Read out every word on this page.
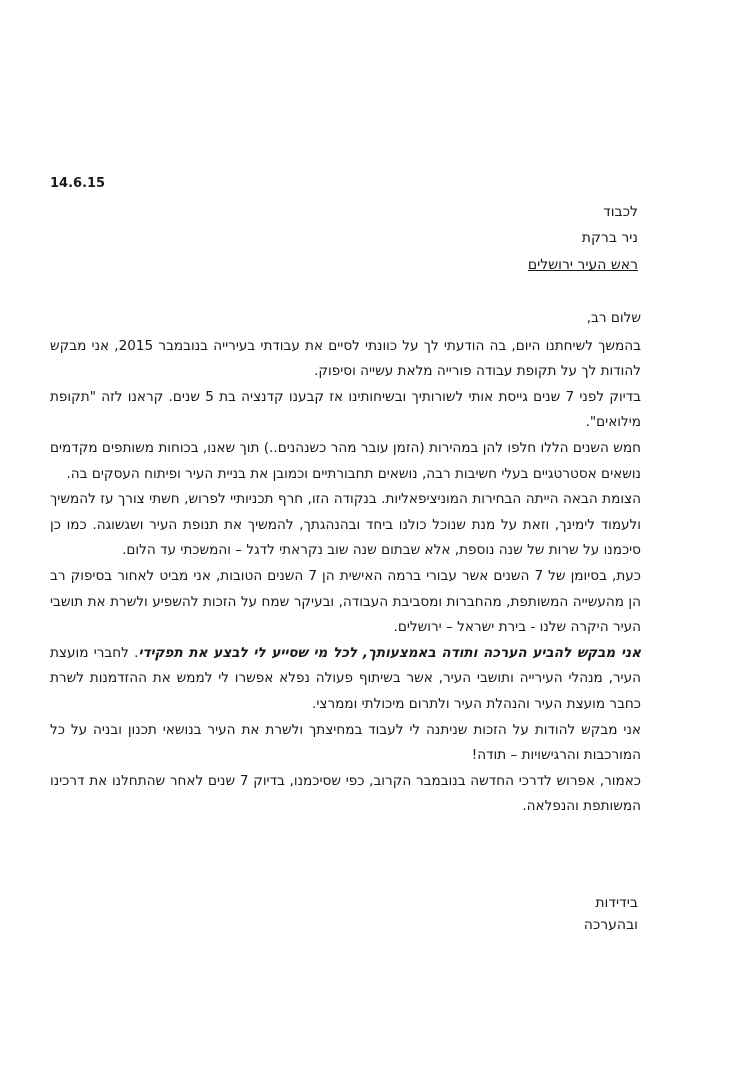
14.6.15
לכבוד
ניר ברקת
ראש העיר ירושלים

שלום רב,

בהמשך לשיחתנו היום, בה הודעתי לך על כוונתי לסיים את עבודתי בעירייה בנובמבר 2015, אני מבקש להודות לך על תקופת עבודה פורייה מלאת עשייה וסיפוק.

בדיוק לפני 7 שנים גייסת אותי לשורותיך ובשיחותינו אז קבענו קדנציה בת 5 שנים. קראנו לזה "תקופת מילואים".

חמש השנים הללו חלפו להן במהירות (הזמן עובר מהר כשנהנים..) תוך שאנו, בכוחות משותפים מקדמים נושאים אסטרטגיים בעלי חשיבות רבה, נושאים תחבורתיים וכמובן את בניית העיר ופיתוח העסקים בה.

הצומת הבאה הייתה הבחירות המוניציפאליות. בנקודה הזו, חרף תכניותיי לפרוש, חשתי צורך עז להמשיך ולעמוד לימינך, וזאת על מנת שנוכל כולנו ביחד ובהנהגתך, להמשיך את תנופת העיר ושגשוגה. כמו כן סיכמנו על שרות של שנה נוספת, אלא שבתום שנה שוב נקראתי לדגל – והמשכתי עד הלום.

כעת, בסיומן של 7 השנים אשר עבורי ברמה האישית הן 7 השנים הטובות, אני מביט לאחור בסיפוק רב הן מהעשייה המשותפת, מהחברות ומסביבת העבודה, ובעיקר שמח על הזכות להשפיע ולשרת את תושבי העיר היקרה שלנו - בירת ישראל – ירושלים.

אני מבקש להביע הערכה ותודה באמצעותך, לכל מי שסייע לי לבצע את תפקידי. לחברי מועצת העיר, מנהלי העירייה ותושבי העיר, אשר בשיתוף פעולה נפלא אפשרו לי לממש את ההזדמנות לשרת כחבר מועצת העיר והנהלת העיר ולתרום מיכולתי וממרצי.

אני מבקש להודות על הזכות שניתנה לי לעבוד במחיצתך ולשרת את העיר בנושאי תכנון ובניה על כל המורכבות והרגישויות – תודה!

כאמור, אפרוש לדרכי החדשה בנובמבר הקרוב, כפי שסיכמנו, בדיוק 7 שנים לאחר שהתחלנו את דרכינו המשותפת והנפלאה.

בידידות ובהערכה
